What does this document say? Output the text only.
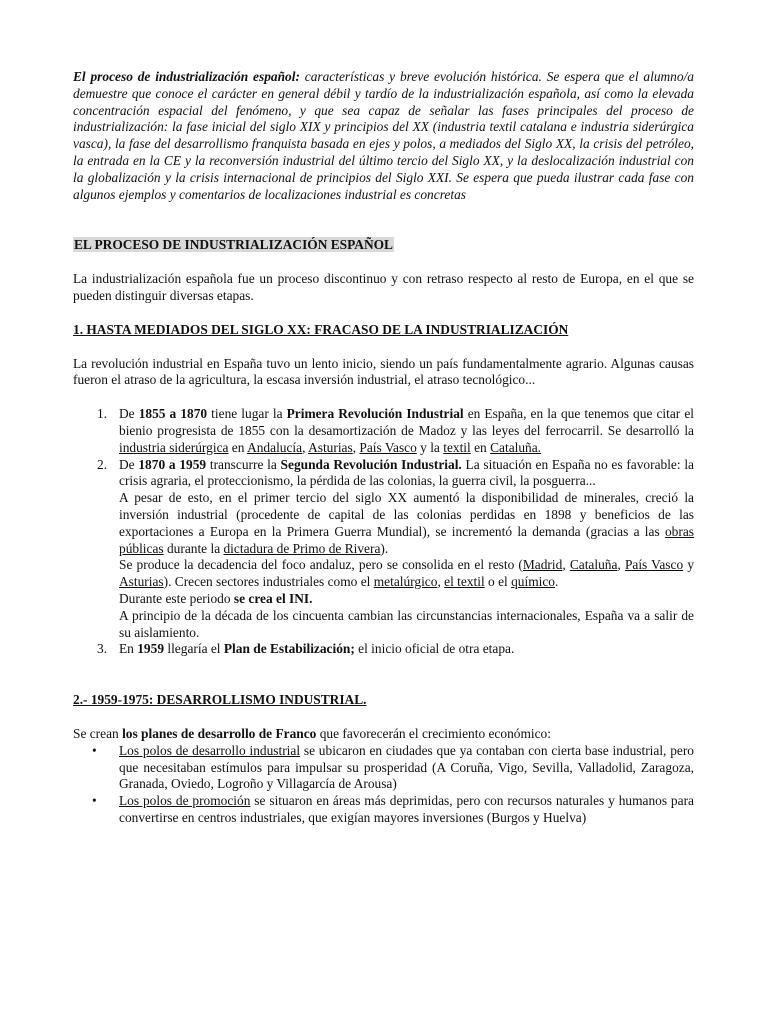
El proceso de industrialización español: características y breve evolución histórica. Se espera que el alumno/a demuestre que conoce el carácter en general débil y tardío de la industrialización española, así como la elevada concentración espacial del fenómeno, y que sea capaz de señalar las fases principales del proceso de industrialización: la fase inicial del siglo XIX y principios del XX (industria textil catalana e industria siderúrgica vasca), la fase del desarrollismo franquista basada en ejes y polos, a mediados del Siglo XX, la crisis del petróleo, la entrada en la CE y la reconversión industrial del último tercio del Siglo XX, y la deslocalización industrial con la globalización y la crisis internacional de principios del Siglo XXI. Se espera que pueda ilustrar cada fase con algunos ejemplos y comentarios de localizaciones industrial es concretas

EL PROCESO DE INDUSTRIALIZACIÓN ESPAÑOL

La industrialización española fue un proceso discontinuo y con retraso respecto al resto de Europa, en el que se pueden distinguir diversas etapas.

1. HASTA MEDIADOS DEL SIGLO XX: FRACASO DE LA INDUSTRIALIZACIÓN

La revolución industrial en España tuvo un lento inicio, siendo un país fundamentalmente agrario. Algunas causas fueron el atraso de la agricultura, la escasa inversión industrial, el atraso tecnológico...

1. De 1855 a 1870 tiene lugar la Primera Revolución Industrial en España, en la que tenemos que citar el bienio progresista de 1855 con la desamortización de Madoz y las leyes del ferrocarril. Se desarrolló la industria siderúrgica en Andalucía, Asturias, País Vasco y la textil en Cataluña.
2. De 1870 a 1959 transcurre la Segunda Revolución Industrial. La situación en España no es favorable: la crisis agraria, el proteccionismo, la pérdida de las colonias, la guerra civil, la posguerra...
A pesar de esto, en el primer tercio del siglo XX aumentó la disponibilidad de minerales, creció la inversión industrial (procedente de capital de las colonias perdidas en 1898 y beneficios de las exportaciones a Europa en la Primera Guerra Mundial), se incrementó la demanda (gracias a las obras públicas durante la dictadura de Primo de Rivera).
Se produce la decadencia del foco andaluz, pero se consolida en el resto (Madrid, Cataluña, País Vasco y Asturias). Crecen sectores industriales como el metalúrgico, el textil o el químico.
Durante este periodo se crea el INI.
A principio de la década de los cincuenta cambian las circunstancias internacionales, España va a salir de su aislamiento.
3. En 1959 llegaría el Plan de Estabilización; el inicio oficial de otra etapa.

2.- 1959-1975: DESARROLLISMO INDUSTRIAL.

Se crean los planes de desarrollo de Franco que favorecerán el crecimiento económico:

• Los polos de desarrollo industrial se ubicaron en ciudades que ya contaban con cierta base industrial, pero que necesitaban estímulos para impulsar su prosperidad (A Coruña, Vigo, Sevilla, Valladolid, Zaragoza, Granada, Oviedo, Logroño y Villagarcía de Arousa)
• Los polos de promoción se situaron en áreas más deprimidas, pero con recursos naturales y humanos para convertirse en centros industriales, que exigían mayores inversiones (Burgos y Huelva)
